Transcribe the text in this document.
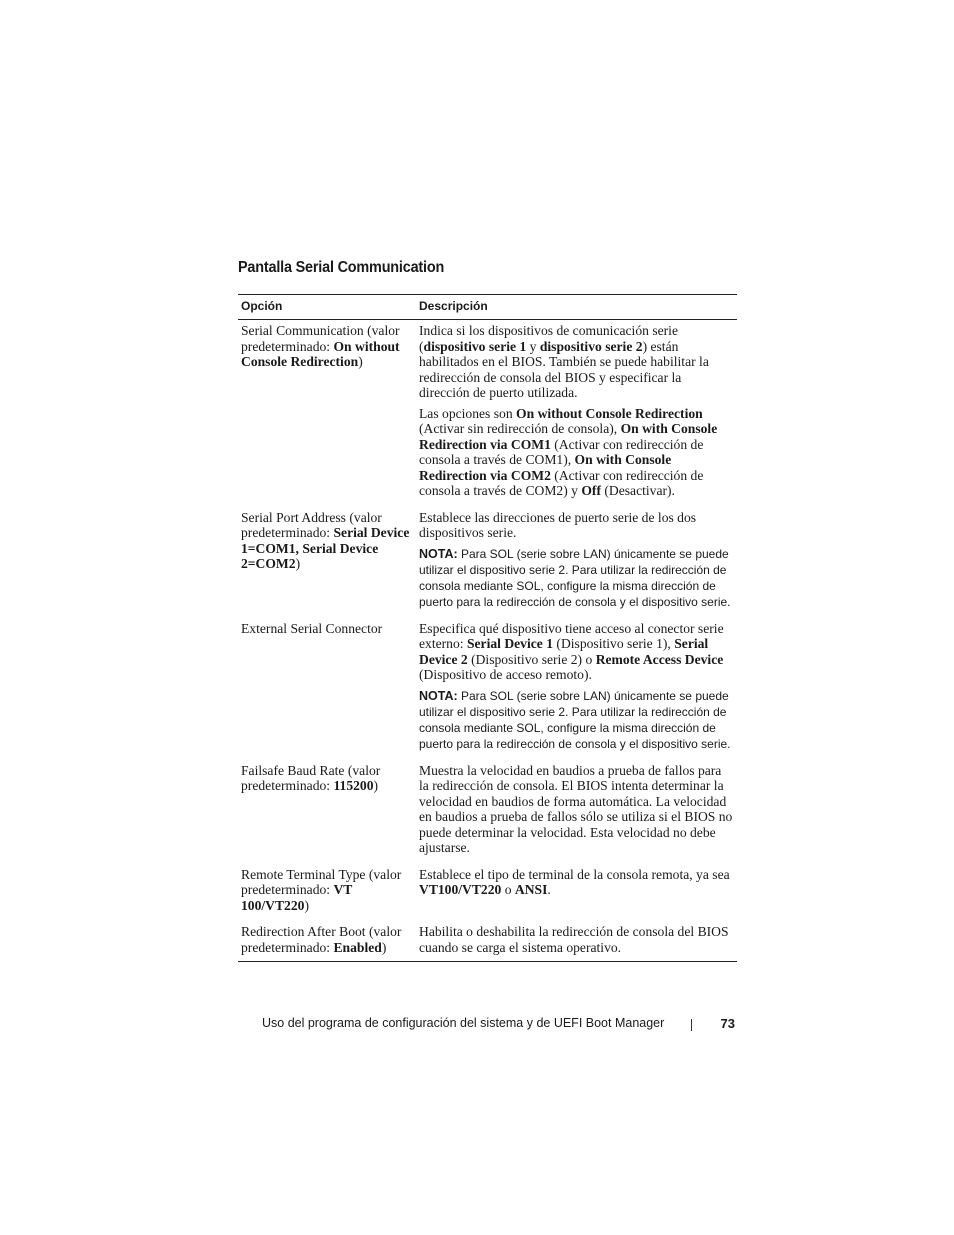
Pantalla Serial Communication
Opción	Descripción
Serial Communication (valor predeterminado: On without Console Redirection)	Indica si los dispositivos de comunicación serie (dispositivo serie 1 y dispositivo serie 2) están habilitados en el BIOS. También se puede habilitar la redirección de consola del BIOS y especificar la dirección de puerto utilizada.

Las opciones son On without Console Redirection (Activar sin redirección de consola), On with Console Redirection via COM1 (Activar con redirección de consola a través de COM1), On with Console Redirection via COM2 (Activar con redirección de consola a través de COM2) y Off (Desactivar).

Serial Port Address (valor predeterminado: Serial Device 1=COM1, Serial Device 2=COM2)	Establece las direcciones de puerto serie de los dos dispositivos serie.

NOTA: Para SOL (serie sobre LAN) únicamente se puede utilizar el dispositivo serie 2. Para utilizar la redirección de consola mediante SOL, configure la misma dirección de puerto para la redirección de consola y el dispositivo serie.

External Serial Connector	Especifica qué dispositivo tiene acceso al conector serie externo: Serial Device 1 (Dispositivo serie 1), Serial Device 2 (Dispositivo serie 2) o Remote Access Device (Dispositivo de acceso remoto).

NOTA: Para SOL (serie sobre LAN) únicamente se puede utilizar el dispositivo serie 2. Para utilizar la redirección de consola mediante SOL, configure la misma dirección de puerto para la redirección de consola y el dispositivo serie.

Failsafe Baud Rate (valor predeterminado: 115200)	Muestra la velocidad en baudios a prueba de fallos para la redirección de consola. El BIOS intenta determinar la velocidad en baudios de forma automática. La velocidad en baudios a prueba de fallos sólo se utiliza si el BIOS no puede determinar la velocidad. Esta velocidad no debe ajustarse.

Remote Terminal Type (valor predeterminado: VT 100/VT220)	Establece el tipo de terminal de la consola remota, ya sea VT100/VT220 o ANSI.

Redirection After Boot (valor predeterminado: Enabled)	Habilita o deshabilita la redirección de consola del BIOS cuando se carga el sistema operativo.

Uso del programa de configuración del sistema y de UEFI Boot Manager	73
